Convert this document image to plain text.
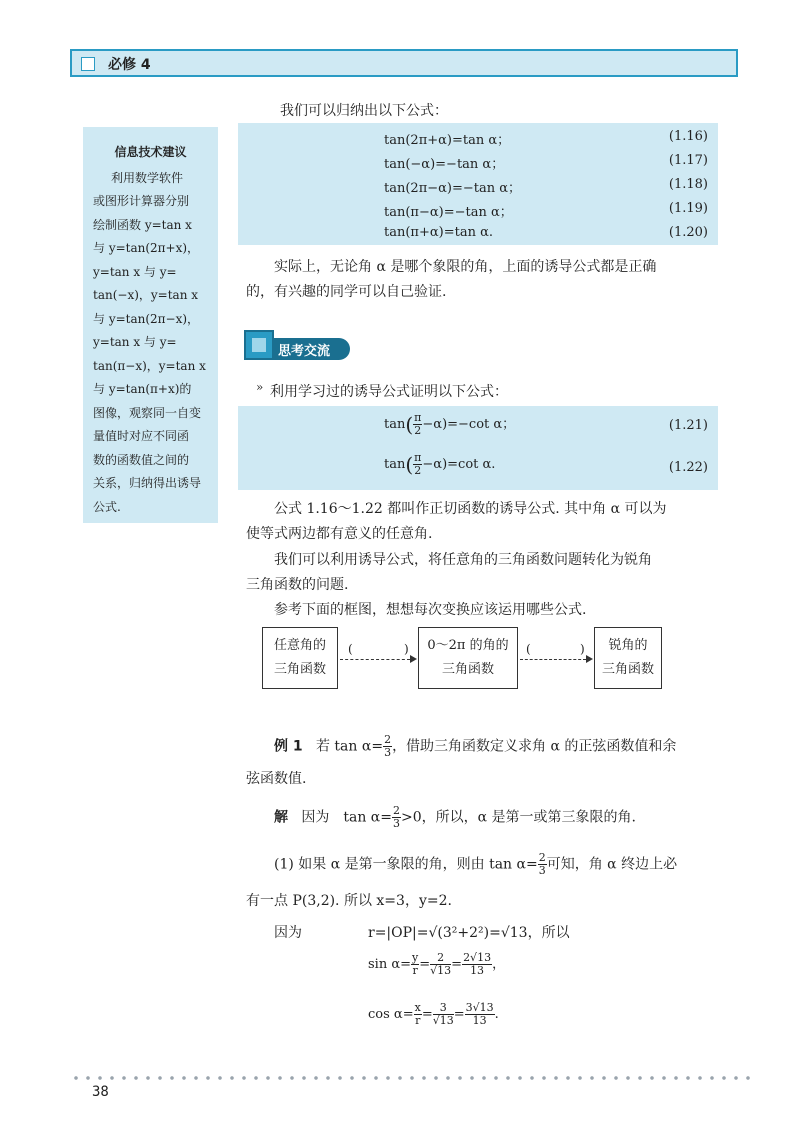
必修 4
信息技术建议
利用数学软件
或图形计算器分别
绘制函数 y=tan x
与 y=tan(2π+x)，
y=tan x 与 y=
tan(−x)，y=tan x
与 y=tan(2π−x)，
y=tan x 与 y=
tan(π−x)，y=tan x
与 y=tan(π+x)的
图像，观察同一自变
量值时对应不同函
数的函数值之间的
关系，归纳得出诱导
公式.
我们可以归纳出以下公式：
tan(2π+α)=tan α；	(1.16)
tan(−α)=−tan α；	(1.17)
tan(2π−α)=−tan α；	(1.18)
tan(π−α)=−tan α；	(1.19)
tan(π+α)=tan α.	(1.20)
实际上，无论角 α 是哪个象限的角，上面的诱导公式都是正确
的，有兴趣的同学可以自己验证.
思考交流
» 利用学习过的诱导公式证明以下公式：
$\tan( \frac{\pi}{2} -\alpha)=-\cot$ α；	(1.21)
$\tan( \frac{\pi}{2} -\alpha)=\cot$ α.	(1.22)
公式 1.16～1.22 都叫作正切函数的诱导公式. 其中角 α 可以为
使等式两边都有意义的任意角.
我们可以利用诱导公式，将任意角的三角函数问题转化为锐角
三角函数的问题.
参考下面的框图，想想每次变换应该运用哪些公式.
任意角的
三角函数
(	)	0～2π 的角的
三角函数
(	)	锐角的
三角函数
例 1 若 $\tan \alpha= \frac{2}{3}$ ，借助三角函数定义求角 α 的正弦函数值和余
弦函数值.
解 因为　$\tan \alpha= \frac{2}{3} >0$，所以，α 是第一或第三象限的角.
(1) 如果 α 是第一象限的角，则由 $\tan \alpha= \frac{2}{3}$ 可知，角 α 终边上必
有一点 P(3,2). 所以 x=3，y=2.
因为	r=|OP|=√(3²+2²)=√13，所以
$\sin \alpha= \frac{y}{r} = \frac{2}{√13} = \frac{2√13}{13}$ ，
$\cos \alpha= \frac{x}{r} = \frac{3}{√13} = \frac{3√13}{13}$ .
38
